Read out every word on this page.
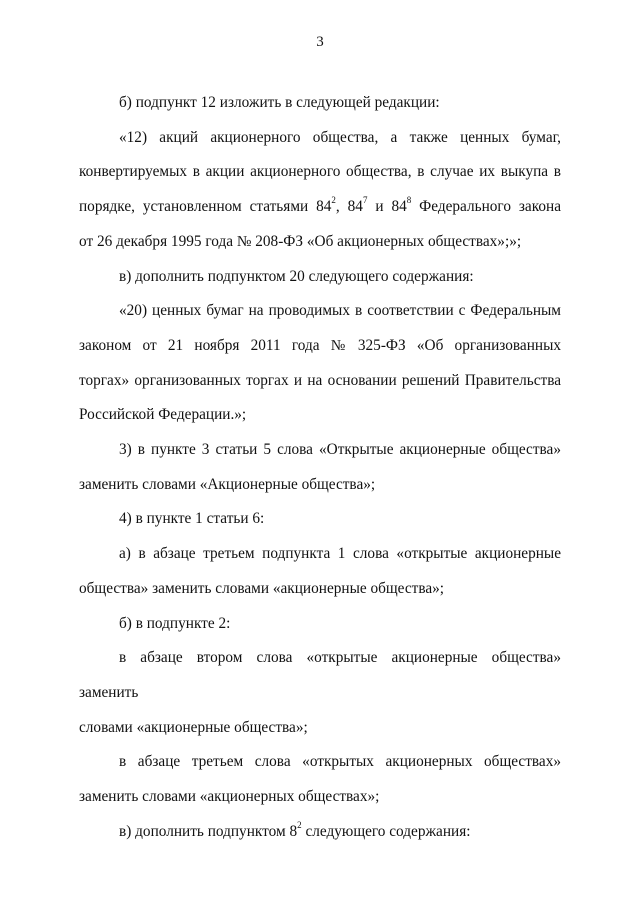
3

б) подпункт 12 изложить в следующей редакции:

«12) акций акционерного общества, а также ценных бумаг,

конвертируемых в акции акционерного общества, в случае их выкупа в
порядке, установленном статьями $84^2$, $84^7$ и $84^8$ Федерального закона
от 26 декабря 1995 года № 208-ФЗ «Об акционерных обществах»;»;

в) дополнить подпунктом 20 следующего содержания:

«20) ценных бумаг на проводимых в соответствии с Федеральным

законом от 21 ноября 2011 года № 325-ФЗ «Об организованных
торгах» организованных торгах и на основании решений Правительства
Российской Федерации.»;

3) в пункте 3 статьи 5 слова «Открытые акционерные общества»

заменить словами «Акционерные общества»;

4) в пункте 1 статьи 6:

а) в абзаце третьем подпункта 1 слова «открытые акционерные

общества» заменить словами «акционерные общества»;

б) в подпункте 2:

в абзаце втором слова «открытые акционерные общества» заменить

словами «акционерные общества»;

в абзаце третьем слова «открытых акционерных обществах»

заменить словами «акционерных обществах»;

в) дополнить подпунктом $8^2$ следующего содержания:
